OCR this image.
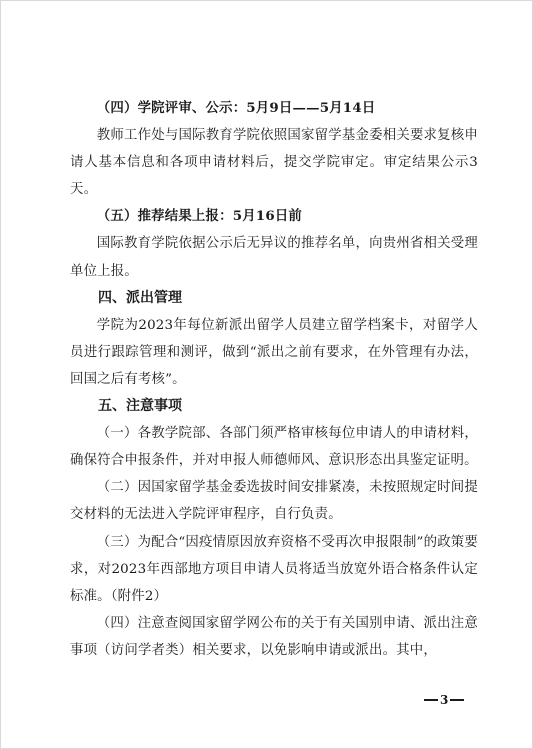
（四）学院评审、公示：5月9日——5月14日

教师工作处与国际教育学院依照国家留学基金委相关要求复核申请人基本信息和各项申请材料后，提交学院审定。审定结果公示3天。

（五）推荐结果上报：5月16日前

国际教育学院依据公示后无异议的推荐名单，向贵州省相关受理单位上报。

四、派出管理

学院为2023年每位新派出留学人员建立留学档案卡，对留学人员进行跟踪管理和测评，做到“派出之前有要求，在外管理有办法，回国之后有考核”。

五、注意事项

（一）各教学院部、各部门须严格审核每位申请人的申请材料，确保符合申报条件，并对申报人师德师风、意识形态出具鉴定证明。

（二）因国家留学基金委选拔时间安排紧凑，未按照规定时间提交材料的无法进入学院评审程序，自行负责。

（三）为配合“因疫情原因放弃资格不受再次申报限制”的政策要求，对2023年西部地方项目申请人员将适当放宽外语合格条件认定标准。（附件2）

（四）注意查阅国家留学网公布的关于有关国别申请、派出注意事项（访问学者类）相关要求，以免影响申请或派出。其中，

3
